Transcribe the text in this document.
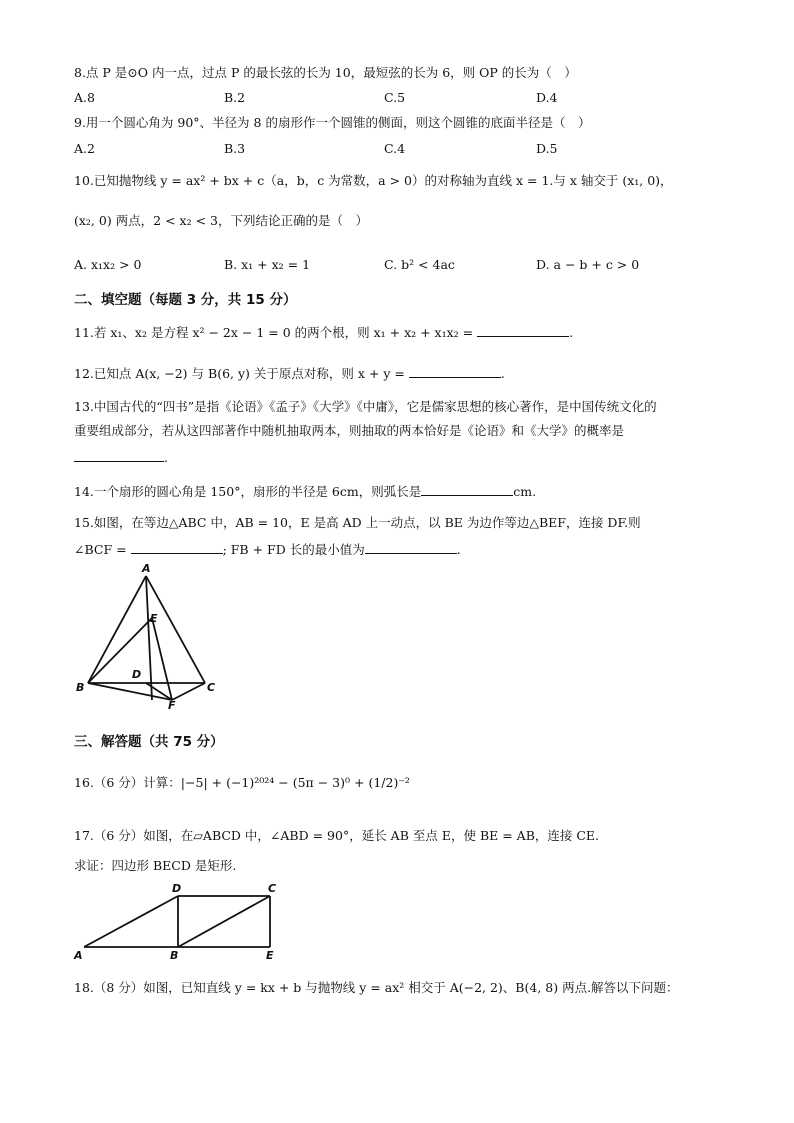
8.点 P 是⊙O 内一点，过点 P 的最长弦的长为 10，最短弦的长为 6，则 OP 的长为（　）
A.8	B.2	C.5	D.4
9.用一个圆心角为 90°、半径为 8 的扇形作一个圆锥的侧面，则这个圆锥的底面半径是（　）
A.2	B.3	C.4	D.5
10.已知抛物线 y = ax² + bx + c（a，b，c 为常数，a > 0）的对称轴为直线 x = 1.与 x 轴交于 (x₁, 0)，
(x₂, 0) 两点，2 < x₂ < 3，下列结论正确的是（　）
A. x₁x₂ > 0	B. x₁ + x₂ = 1	C. b² < 4ac	D. a − b + c > 0
二、填空题（每题 3 分，共 15 分）
11.若 x₁、x₂ 是方程 x² − 2x − 1 = 0 的两个根，则 x₁ + x₂ + x₁x₂ =	.
12.已知点 A(x, −2) 与 B(6, y) 关于原点对称，则 x + y =	.
13.中国古代的“四书”是指《论语》《孟子》《大学》《中庸》，它是儒家思想的核心著作，是中国传统文化的
重要组成部分，若从这四部著作中随机抽取两本，则抽取的两本恰好是《论语》和《大学》的概率是
.
14.一个扇形的圆心角是 150°，扇形的半径是 6cm，则弧长是	cm.
15.如图，在等边△ABC 中，AB = 10，E 是高 AD 上一动点，以 BE 为边作等边△BEF，连接 DF.则
∠BCF =	; FB + FD 长的最小值为	.
A
B	C
D
E
F
三、解答题（共 75 分）
16.（6 分）计算：|−5| + (−1)²⁰²⁴ − (5π − 3)⁰ + (1/2)⁻²
17.（6 分）如图，在▱ABCD 中，∠ABD = 90°，延长 AB 至点 E，使 BE = AB，连接 CE.
求证：四边形 BECD 是矩形.
A	B
C
D
E
18.（8 分）如图，已知直线 y = kx + b 与抛物线 y = ax² 相交于 A(−2, 2)、B(4, 8) 两点.解答以下问题：
